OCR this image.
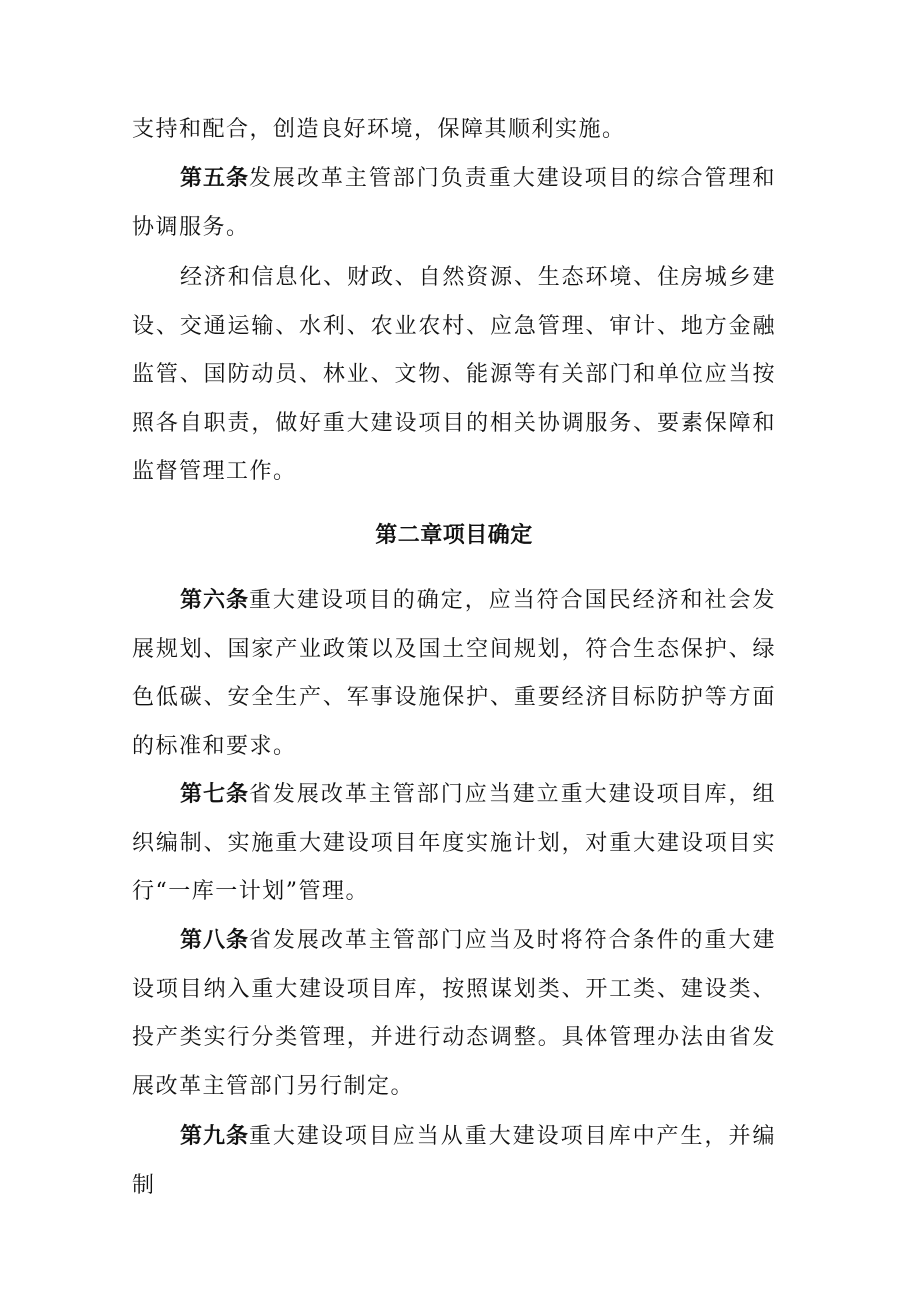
支持和配合，创造良好环境，保障其顺利实施。

第五条发展改革主管部门负责重大建设项目的综合管理和协调服务。

经济和信息化、财政、自然资源、生态环境、住房城乡建设、交通运输、水利、农业农村、应急管理、审计、地方金融监管、国防动员、林业、文物、能源等有关部门和单位应当按照各自职责，做好重大建设项目的相关协调服务、要素保障和监督管理工作。

第二章项目确定

第六条重大建设项目的确定，应当符合国民经济和社会发展规划、国家产业政策以及国土空间规划，符合生态保护、绿色低碳、安全生产、军事设施保护、重要经济目标防护等方面的标准和要求。

第七条省发展改革主管部门应当建立重大建设项目库，组织编制、实施重大建设项目年度实施计划，对重大建设项目实行“一库一计划”管理。

第八条省发展改革主管部门应当及时将符合条件的重大建设项目纳入重大建设项目库，按照谋划类、开工类、建设类、投产类实行分类管理，并进行动态调整。具体管理办法由省发展改革主管部门另行制定。

第九条重大建设项目应当从重大建设项目库中产生，并编制
